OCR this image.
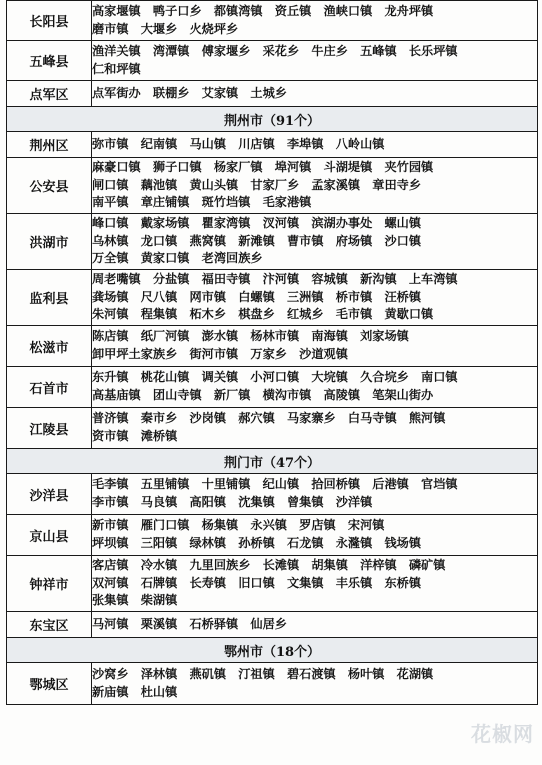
长阳县	高家堰镇　鸭子口乡　都镇湾镇　资丘镇　渔峡口镇　龙舟坪镇
磨市镇　大堰乡　火烧坪乡

五峰县	渔洋关镇　湾潭镇　傅家堰乡　采花乡　牛庄乡　五峰镇　长乐坪镇
仁和坪镇

点军区	点军街办　联棚乡　艾家镇　土城乡

荆州市（91个）	
荆州区	弥市镇　纪南镇　马山镇　川店镇　李埠镇　八岭山镇

公安县	麻豪口镇　狮子口镇　杨家厂镇　埠河镇　斗湖堤镇　夹竹园镇
闸口镇　藕池镇　黄山头镇　甘家厂乡　孟家溪镇　章田寺乡
南平镇　章庄铺镇　斑竹垱镇　毛家港镇

洪湖市	峰口镇　戴家场镇　瞿家湾镇　汊河镇　滨湖办事处　螺山镇
乌林镇　龙口镇　燕窝镇　新滩镇　曹市镇　府场镇　沙口镇
万全镇　黄家口镇　老湾回族乡

监利县	周老嘴镇　分盐镇　福田寺镇　汴河镇　容城镇　新沟镇　上车湾镇
龚场镇　尺八镇　网市镇　白螺镇　三洲镇　桥市镇　汪桥镇
朱河镇　程集镇　柘木乡　棋盘乡　红城乡　毛市镇　黄歇口镇

松滋市	陈店镇　纸厂河镇　澎水镇　杨林市镇　南海镇　刘家场镇
卸甲坪土家族乡　街河市镇　万家乡　沙道观镇

石首市	东升镇　桃花山镇　调关镇　小河口镇　大垸镇　久合垸乡　南口镇
高基庙镇　团山寺镇　新厂镇　横沟市镇　高陵镇　笔架山街办

江陵县	普济镇　秦市乡　沙岗镇　郝穴镇　马家寨乡　白马寺镇　熊河镇
资市镇　滩桥镇

荆门市（47个）	
沙洋县	毛李镇　五里铺镇　十里铺镇　纪山镇　拾回桥镇　后港镇　官垱镇
李市镇　马良镇　高阳镇　沈集镇　曾集镇　沙洋镇

京山县	新市镇　雁门口镇　杨集镇　永兴镇　罗店镇　宋河镇
坪坝镇　三阳镇　绿林镇　孙桥镇　石龙镇　永漋镇　钱场镇

钟祥市	客店镇　冷水镇　九里回族乡　长滩镇　胡集镇　洋梓镇　磷矿镇
双河镇　石牌镇　长寿镇　旧口镇　文集镇　丰乐镇　东桥镇
张集镇　柴湖镇

东宝区	马河镇　栗溪镇　石桥驿镇　仙居乡

鄂州市（18个）	
鄂城区	沙窝乡　泽林镇　燕矶镇　汀祖镇　碧石渡镇　杨叶镇　花湖镇
新庙镇　杜山镇
花椒网
